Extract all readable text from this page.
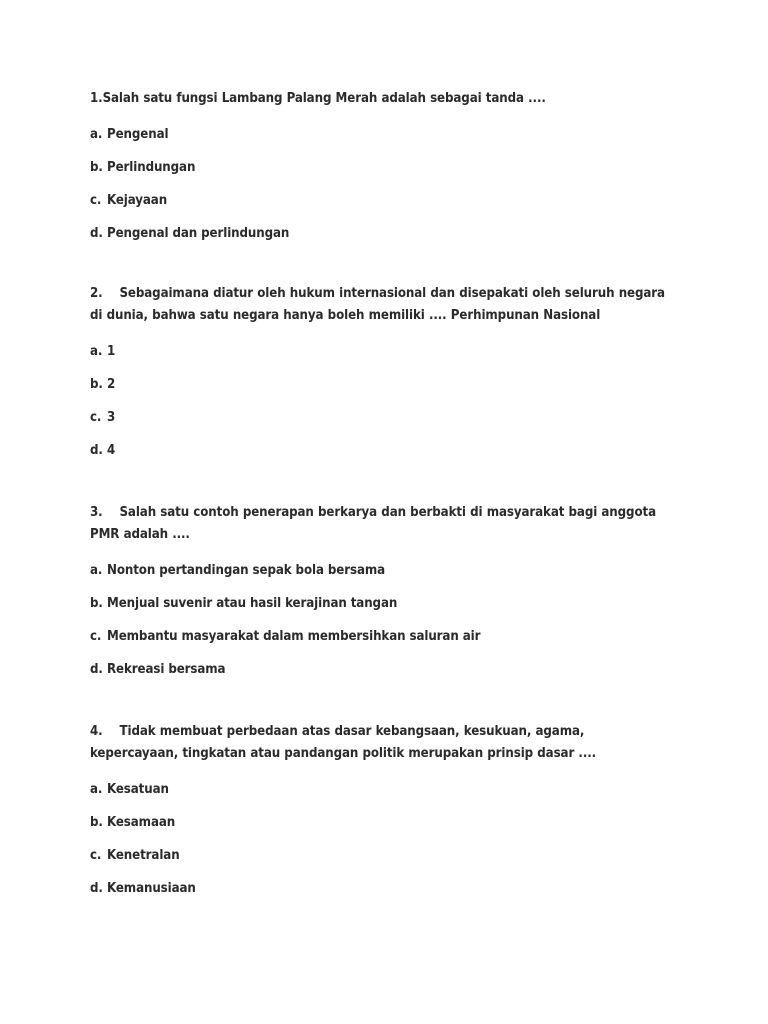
1.Salah satu fungsi Lambang Palang Merah adalah sebagai tanda ....

a. Pengenal

b. Perlindungan

c. Kejayaan

d. Pengenal dan perlindungan

2.    Sebagaimana diatur oleh hukum internasional dan disepakati oleh seluruh negara di dunia, bahwa satu negara hanya boleh memiliki .... Perhimpunan Nasional

a. 1

b. 2

c. 3

d. 4

3.    Salah satu contoh penerapan berkarya dan berbakti di masyarakat bagi anggota PMR adalah ....

a. Nonton pertandingan sepak bola bersama

b. Menjual suvenir atau hasil kerajinan tangan

c. Membantu masyarakat dalam membersihkan saluran air

d. Rekreasi bersama

4.    Tidak membuat perbedaan atas dasar kebangsaan, kesukuan, agama, kepercayaan, tingkatan atau pandangan politik merupakan prinsip dasar ....

a. Kesatuan

b. Kesamaan

c. Kenetralan

d. Kemanusiaan
